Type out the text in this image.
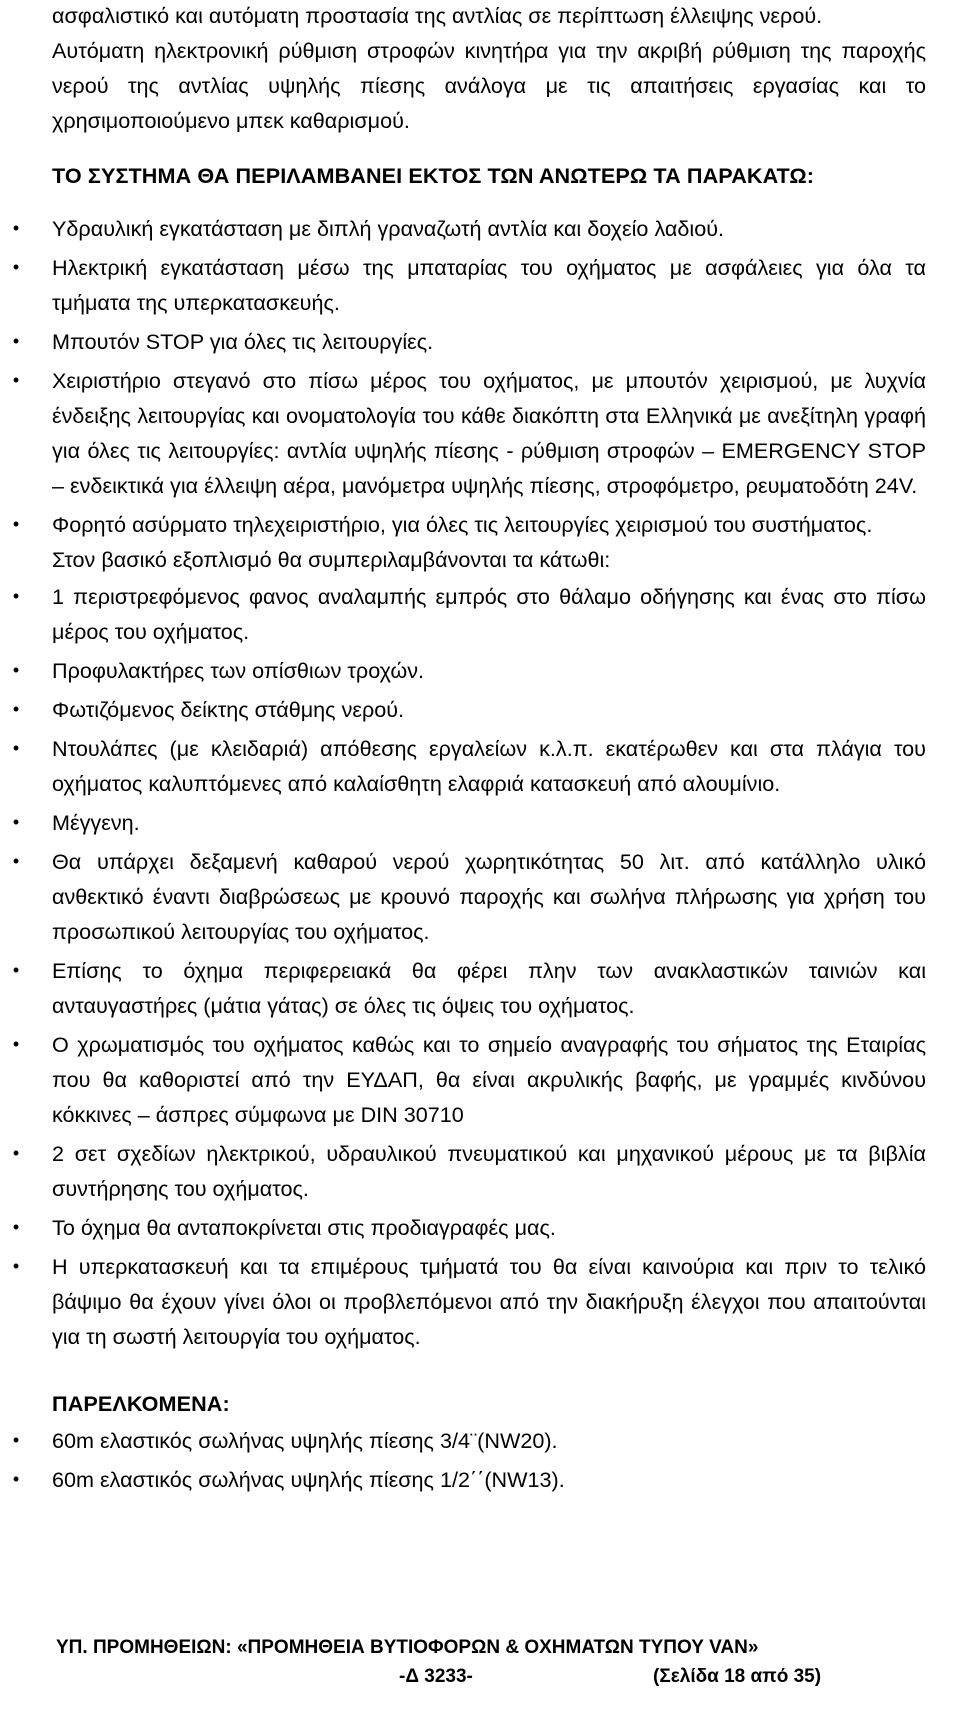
ασφαλιστικό και αυτόματη προστασία της αντλίας σε περίπτωση έλλειψης νερού.

Αυτόματη ηλεκτρονική ρύθμιση στροφών κινητήρα για την ακριβή ρύθμιση της παροχής νερού της αντλίας υψηλής πίεσης ανάλογα με τις απαιτήσεις εργασίας και το χρησιμοποιούμενο μπεκ καθαρισμού.

ΤΟ ΣΥΣΤΗΜΑ ΘΑ ΠΕΡΙΛΑΜΒΑΝΕΙ ΕΚΤΟΣ ΤΩΝ ΑΝΩΤΕΡΩ ΤΑ ΠΑΡΑΚΑΤΩ:

•	Υδραυλική εγκατάσταση με διπλή γραναζωτή αντλία και δοχείο λαδιού.
•	Ηλεκτρική εγκατάσταση μέσω της μπαταρίας του οχήματος με ασφάλειες για όλα τα τμήματα της υπερκατασκευής.
•	Μπουτόν STOP για όλες τις λειτουργίες.
•	Χειριστήριο στεγανό στο πίσω μέρος του οχήματος, με μπουτόν χειρισμού, με λυχνία ένδειξης λειτουργίας και ονοματολογία του κάθε διακόπτη στα Ελληνικά με ανεξίτηλη γραφή για όλες τις λειτουργίες: αντλία υψηλής πίεσης - ρύθμιση στροφών – EMERGENCY STOP – ενδεικτικά για έλλειψη αέρα, μανόμετρα υψηλής πίεσης, στροφόμετρο, ρευματοδότη 24V.
•	Φορητό ασύρματο τηλεχειριστήριο, για όλες τις λειτουργίες χειρισμού του συστήματος.

Στον βασικό εξοπλισμό θα συμπεριλαμβάνονται τα κάτωθι:

•	1 περιστρεφόμενος φανος αναλαμπής εμπρός στο θάλαμο οδήγησης και ένας στο πίσω μέρος του οχήματος.
•	Προφυλακτήρες των οπίσθιων τροχών.
•	Φωτιζόμενος δείκτης στάθμης νερού.
•	Ντουλάπες (με κλειδαριά) απόθεσης εργαλείων κ.λ.π. εκατέρωθεν και στα πλάγια του οχήματος καλυπτόμενες από καλαίσθητη ελαφριά κατασκευή από αλουμίνιο.
•	Μέγγενη.
•	Θα υπάρχει δεξαμενή καθαρού νερού χωρητικότητας 50 λιτ. από κατάλληλο υλικό ανθεκτικό έναντι διαβρώσεως με κρουνό παροχής και σωλήνα πλήρωσης για χρήση του προσωπικού λειτουργίας του οχήματος.
•	Επίσης το όχημα περιφερειακά θα φέρει πλην των ανακλαστικών ταινιών και ανταυγαστήρες (μάτια γάτας) σε όλες τις όψεις του οχήματος.
•	Ο χρωματισμός του οχήματος καθώς και το σημείο αναγραφής του σήματος της Εταιρίας που θα καθοριστεί από την ΕΥΔΑΠ, θα είναι ακρυλικής βαφής, με γραμμές κινδύνου κόκκινες – άσπρες σύμφωνα με DIN 30710
•	2 σετ σχεδίων ηλεκτρικού, υδραυλικού πνευματικού και μηχανικού μέρους με τα βιβλία συντήρησης του οχήματος.
•	Το όχημα θα ανταποκρίνεται στις προδιαγραφές μας.
•	Η υπερκατασκευή και τα επιμέρους τμήματά του θα είναι καινούρια και πριν το τελικό βάψιμο θα έχουν γίνει όλοι οι προβλεπόμενοι από την διακήρυξη έλεγχοι που απαιτούνται για τη σωστή λειτουργία του οχήματος.

ΠΑΡΕΛΚΟΜΕΝΑ:

•	60m ελαστικός σωλήνας υψηλής πίεσης 3/4¨(NW20).
•	60m ελαστικός σωλήνας υψηλής πίεσης 1/2΄΄(NW13).
ΥΠ. ΠΡΟΜΗΘΕΙΩΝ: «ΠΡΟΜΗΘΕΙΑ ΒΥΤΙΟΦΟΡΩΝ & ΟΧΗΜΑΤΩΝ ΤΥΠΟΥ VAN»
-Δ 3233-	(Σελίδα 18 από 35)
